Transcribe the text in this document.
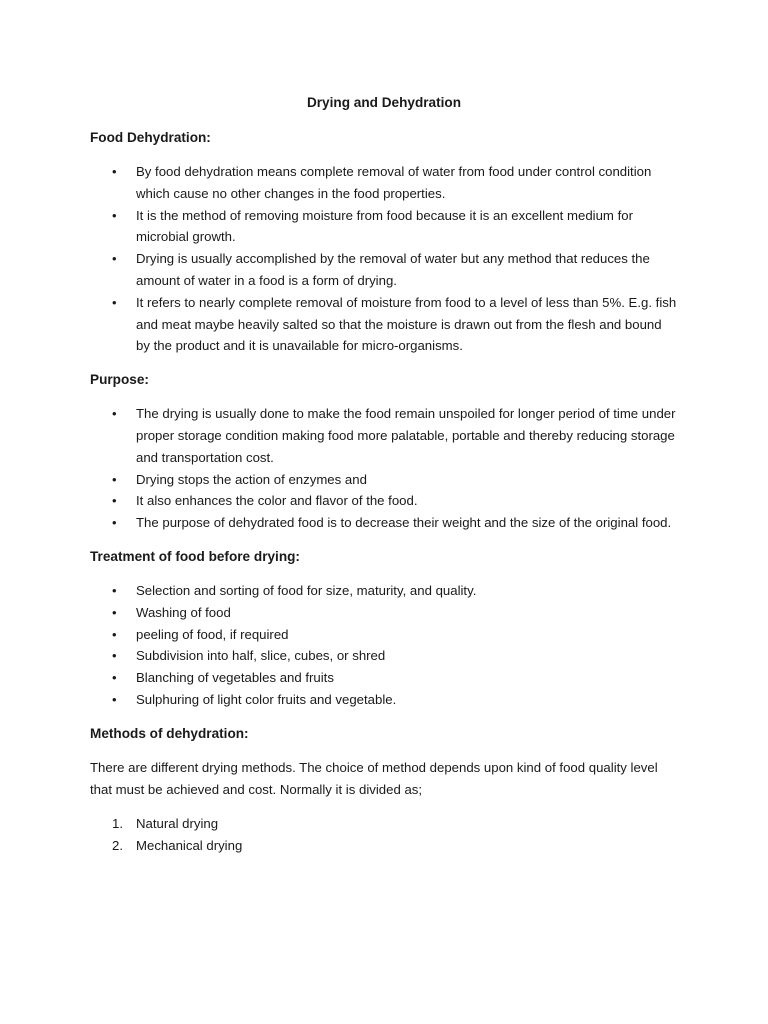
Drying and Dehydration
Food Dehydration:
• By food dehydration means complete removal of water from food under control condition which cause no other changes in the food properties.
• It is the method of removing moisture from food because it is an excellent medium for microbial growth.
• Drying is usually accomplished by the removal of water but any method that reduces the amount of water in a food is a form of drying.
• It refers to nearly complete removal of moisture from food to a level of less than 5%. E.g. fish and meat maybe heavily salted so that the moisture is drawn out from the flesh and bound by the product and it is unavailable for micro-organisms.
Purpose:
• The drying is usually done to make the food remain unspoiled for longer period of time under proper storage condition making food more palatable, portable and thereby reducing storage and transportation cost.
• Drying stops the action of enzymes and
• It also enhances the color and flavor of the food.
• The purpose of dehydrated food is to decrease their weight and the size of the original food.
Treatment of food before drying:
• Selection and sorting of food for size, maturity, and quality.
• Washing of food
• peeling of food, if required
• Subdivision into half, slice, cubes, or shred
• Blanching of vegetables and fruits
• Sulphuring of light color fruits and vegetable.
Methods of dehydration:

There are different drying methods. The choice of method depends upon kind of food quality level that must be achieved and cost. Normally it is divided as;

1. Natural drying
2. Mechanical drying
